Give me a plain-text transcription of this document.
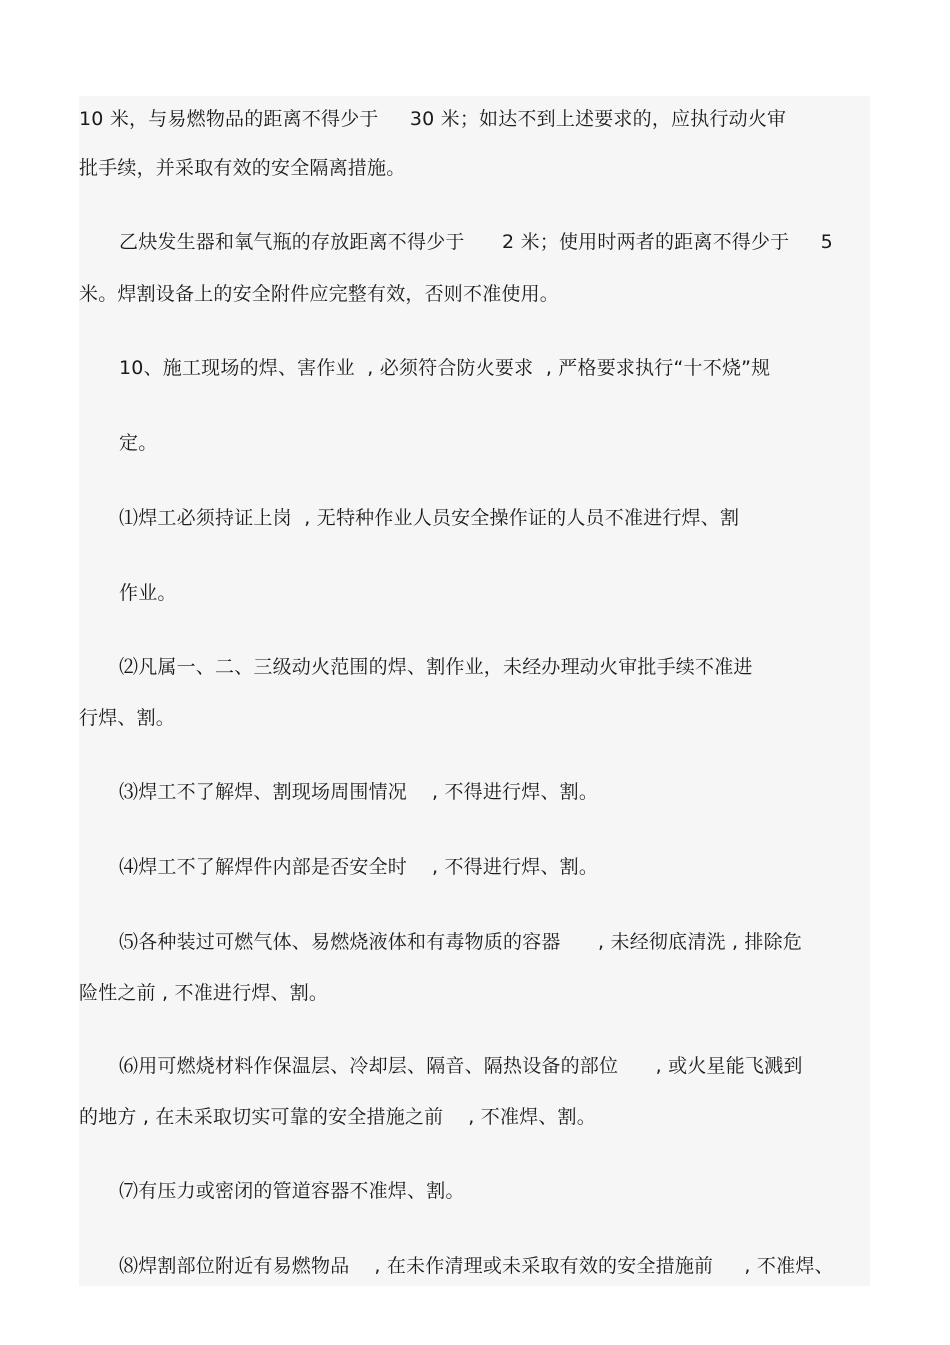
10 米，与易燃物品的距离不得少于     30 米；如达不到上述要求的，应执行动火审
批手续，并采取有效的安全隔离措施。
乙炔发生器和氧气瓶的存放距离不得少于      2 米；使用时两者的距离不得少于     5
米。焊割设备上的安全附件应完整有效，否则不准使用。
10、施工现场的焊、害作业  , 必须符合防火要求  , 严格要求执行“十不烧”规
定。
⑴焊工必须持证上岗  , 无特种作业人员安全操作证的人员不准进行焊、割
作业。
⑵凡属一、二、三级动火范围的焊、割作业，未经办理动火审批手续不准进
行焊、割。
⑶焊工不了解焊、割现场周围情况    , 不得进行焊、割。
⑷焊工不了解焊件内部是否安全时    , 不得进行焊、割。
⑸各种装过可燃气体、易燃烧液体和有毒物质的容器      , 未经彻底清洗 , 排除危
险性之前 , 不准进行焊、割。
⑹用可燃烧材料作保温层、冷却层、隔音、隔热设备的部位      , 或火星能飞溅到
的地方 , 在未采取切实可靠的安全措施之前    , 不准焊、割。
⑺有压力或密闭的管道容器不准焊、割。
⑻焊割部位附近有易燃物品    , 在未作清理或未采取有效的安全措施前     , 不准焊、
